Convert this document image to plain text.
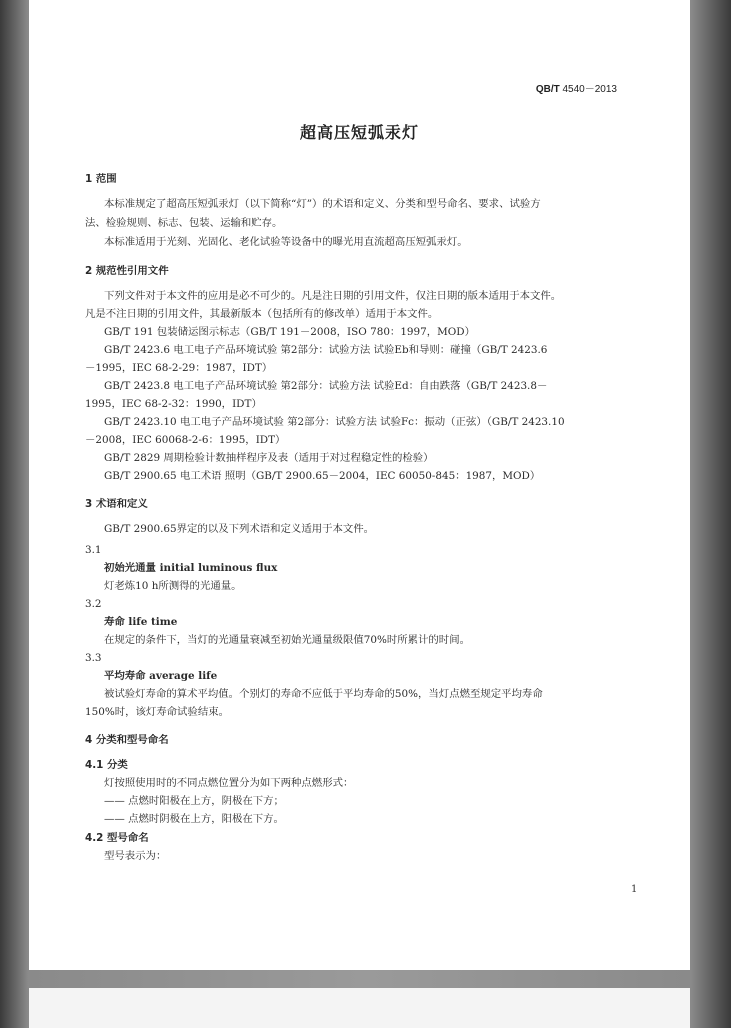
QB/T 4540－2013
超高压短弧汞灯
1 范围
本标准规定了超高压短弧汞灯（以下简称“灯”）的术语和定义、分类和型号命名、要求、试验方
法、检验规则、标志、包装、运输和贮存。
本标准适用于光刻、光固化、老化试验等设备中的曝光用直流超高压短弧汞灯。
2 规范性引用文件
下列文件对于本文件的应用是必不可少的。凡是注日期的引用文件，仅注日期的版本适用于本文件。
凡是不注日期的引用文件，其最新版本（包括所有的修改单）适用于本文件。
GB/T 191 包装储运图示标志（GB/T 191－2008，ISO 780：1997，MOD）
GB/T 2423.6 电工电子产品环境试验 第2部分：试验方法 试验Eb和导则：碰撞（GB/T 2423.6
－1995，IEC 68-2-29：1987，IDT）
GB/T 2423.8 电工电子产品环境试验 第2部分：试验方法 试验Ed：自由跌落（GB/T 2423.8－
1995，IEC 68-2-32：1990，IDT）
GB/T 2423.10 电工电子产品环境试验 第2部分：试验方法 试验Fc：振动（正弦）（GB/T 2423.10
－2008，IEC 60068-2-6：1995，IDT）
GB/T 2829 周期检验计数抽样程序及表（适用于对过程稳定性的检验）
GB/T 2900.65 电工术语 照明（GB/T 2900.65－2004，IEC 60050-845：1987，MOD）
3 术语和定义
GB/T 2900.65界定的以及下列术语和定义适用于本文件。
3.1
初始光通量 initial luminous flux
灯老炼10 h所测得的光通量。
3.2
寿命 life time
在规定的条件下，当灯的光通量衰减至初始光通量级限值70%时所累计的时间。
3.3
平均寿命 average life
被试验灯寿命的算术平均值。个别灯的寿命不应低于平均寿命的50%，当灯点燃至规定平均寿命
150%时，该灯寿命试验结束。
4 分类和型号命名
4.1 分类
灯按照使用时的不同点燃位置分为如下两种点燃形式：
—— 点燃时阳极在上方，阴极在下方；
—— 点燃时阴极在上方，阳极在下方。
4.2 型号命名
型号表示为：
1
